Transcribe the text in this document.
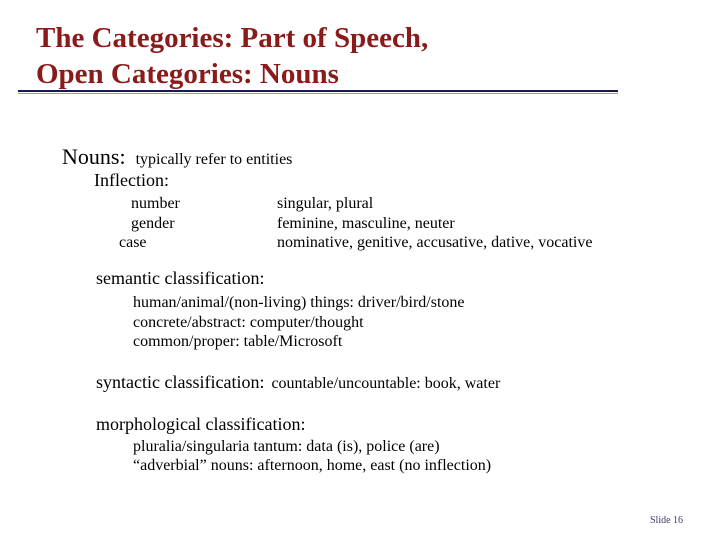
The Categories: Part of Speech,
Open Categories: Nouns
Nouns: typically refer to entities
Inflection:
number	singular, plural
gender	feminine, masculine, neuter
case	nominative, genitive, accusative, dative, vocative
semantic classification:
human/animal/(non-living) things: driver/bird/stone
concrete/abstract: computer/thought
common/proper: table/Microsoft
syntactic classification: countable/uncountable: book, water
morphological classification:
pluralia/singularia tantum: data (is), police (are)
“adverbial” nouns: afternoon, home, east (no inflection)
Slide 16
